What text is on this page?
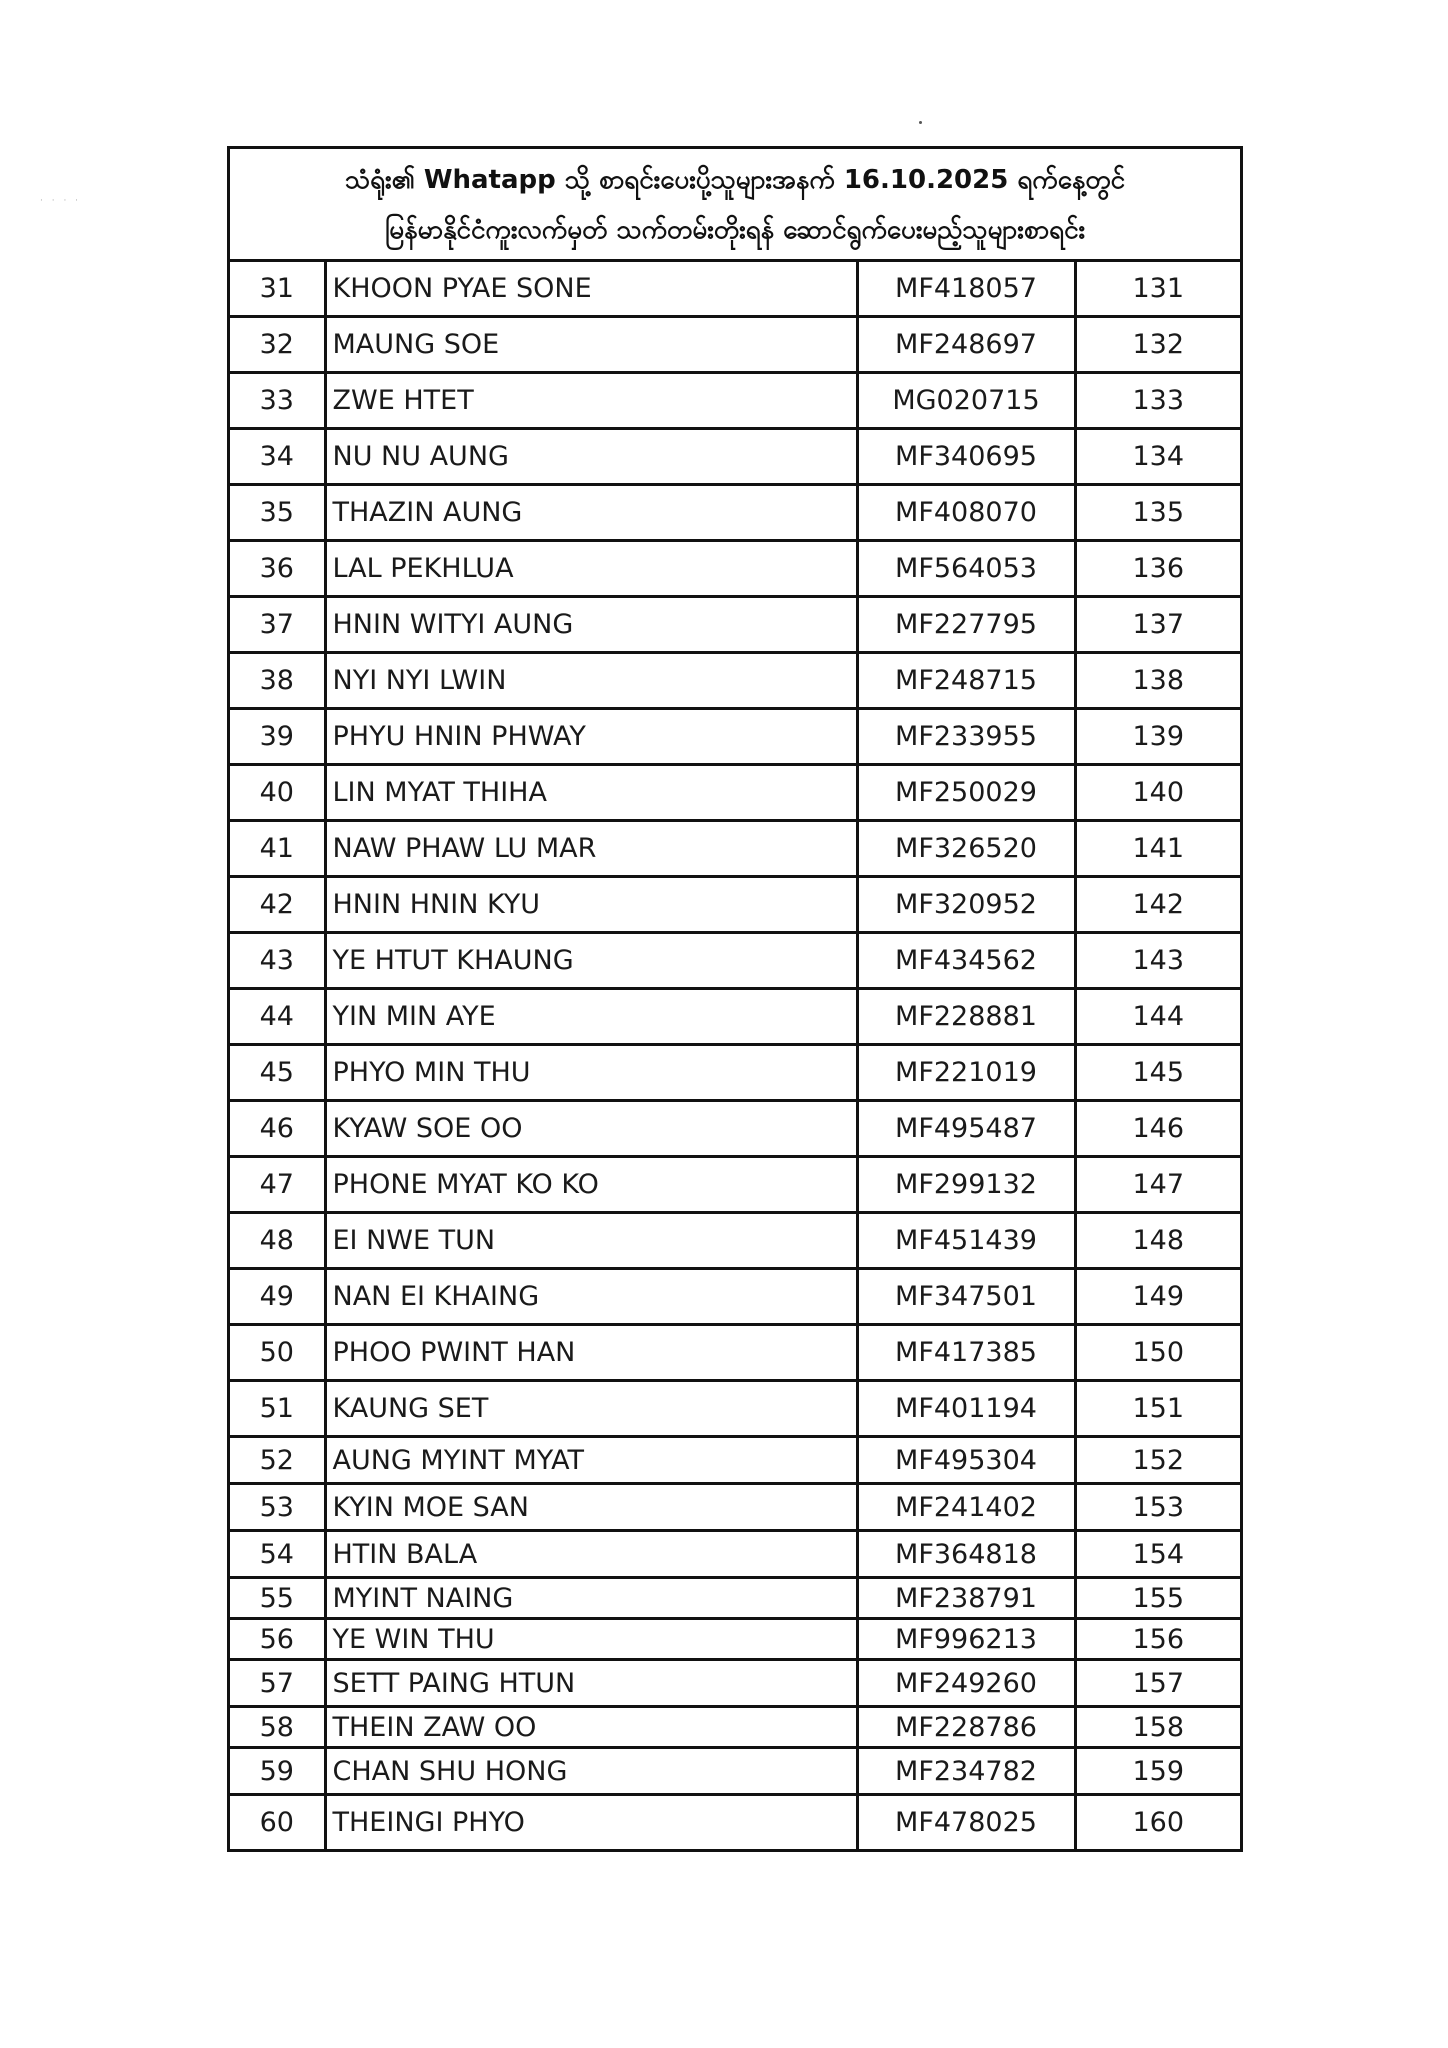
· · · ·
သံရုံး၏ Whatapp သို့ စာရင်းပေးပို့သူများအနက် 16.10.2025 ရက်နေ့တွင်
မြန်မာနိုင်ငံကူးလက်မှတ် သက်တမ်းတိုးရန် ဆောင်ရွက်ပေးမည့်သူများစာရင်း
31	KHOON PYAE SONE	MF418057	131
32	MAUNG SOE	MF248697	132
33	ZWE HTET	MG020715	133
34	NU NU AUNG	MF340695	134
35	THAZIN AUNG	MF408070	135
36	LAL PEKHLUA	MF564053	136
37	HNIN WITYI AUNG	MF227795	137
38	NYI NYI LWIN	MF248715	138
39	PHYU HNIN PHWAY	MF233955	139
40	LIN MYAT THIHA	MF250029	140
41	NAW PHAW LU MAR	MF326520	141
42	HNIN HNIN KYU	MF320952	142
43	YE HTUT KHAUNG	MF434562	143
44	YIN MIN AYE	MF228881	144
45	PHYO MIN THU	MF221019	145
46	KYAW SOE OO	MF495487	146
47	PHONE MYAT KO KO	MF299132	147
48	EI NWE TUN	MF451439	148
49	NAN EI KHAING	MF347501	149
50	PHOO PWINT HAN	MF417385	150
51	KAUNG SET	MF401194	151
52	AUNG MYINT MYAT	MF495304	152
53	KYIN MOE SAN	MF241402	153
54	HTIN BALA	MF364818	154
55	MYINT NAING	MF238791	155
56	YE WIN THU	MF996213	156
57	SETT PAING HTUN	MF249260	157
58	THEIN ZAW OO	MF228786	158
59	CHAN SHU HONG	MF234782	159
60	THEINGI PHYO	MF478025	160
